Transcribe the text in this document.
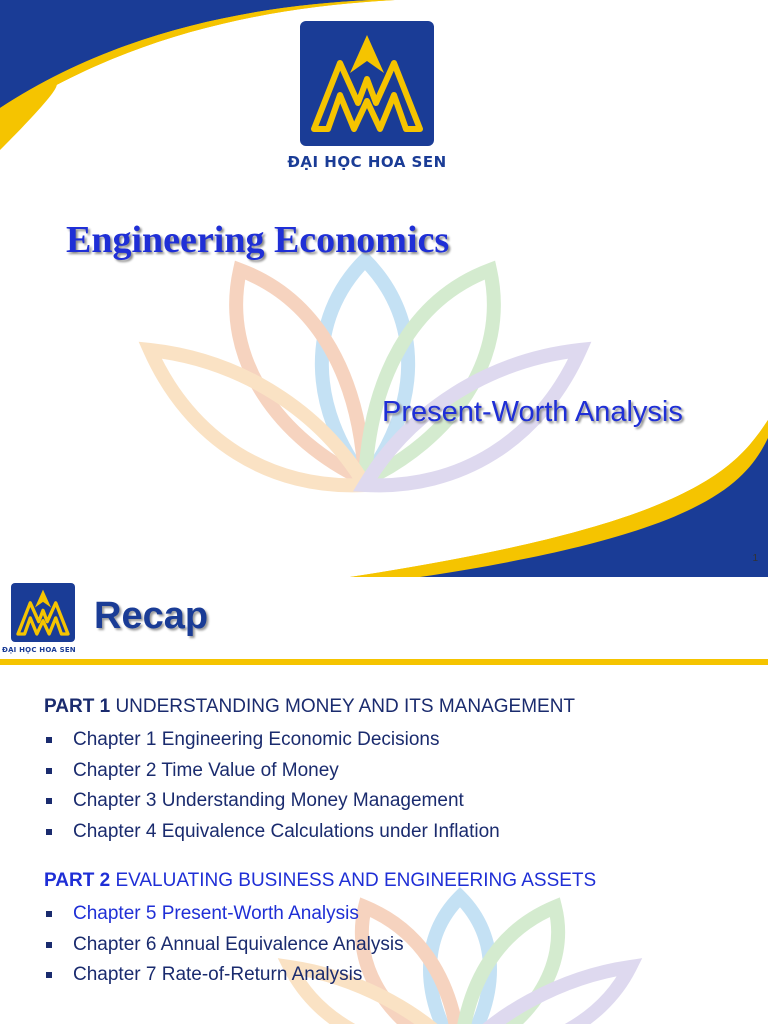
ĐẠI HỌC HOA SEN
Engineering Economics
Present-Worth Analysis
1
ĐẠI HỌC HOA SEN
Recap
PART 1 UNDERSTANDING MONEY AND ITS MANAGEMENT
Chapter 1 Engineering Economic Decisions
Chapter 2 Time Value of Money
Chapter 3 Understanding Money Management
Chapter 4 Equivalence Calculations under Inflation
PART 2 EVALUATING BUSINESS AND ENGINEERING ASSETS
Chapter 5 Present-Worth Analysis
Chapter 6 Annual Equivalence Analysis
Chapter 7 Rate-of-Return Analysis
